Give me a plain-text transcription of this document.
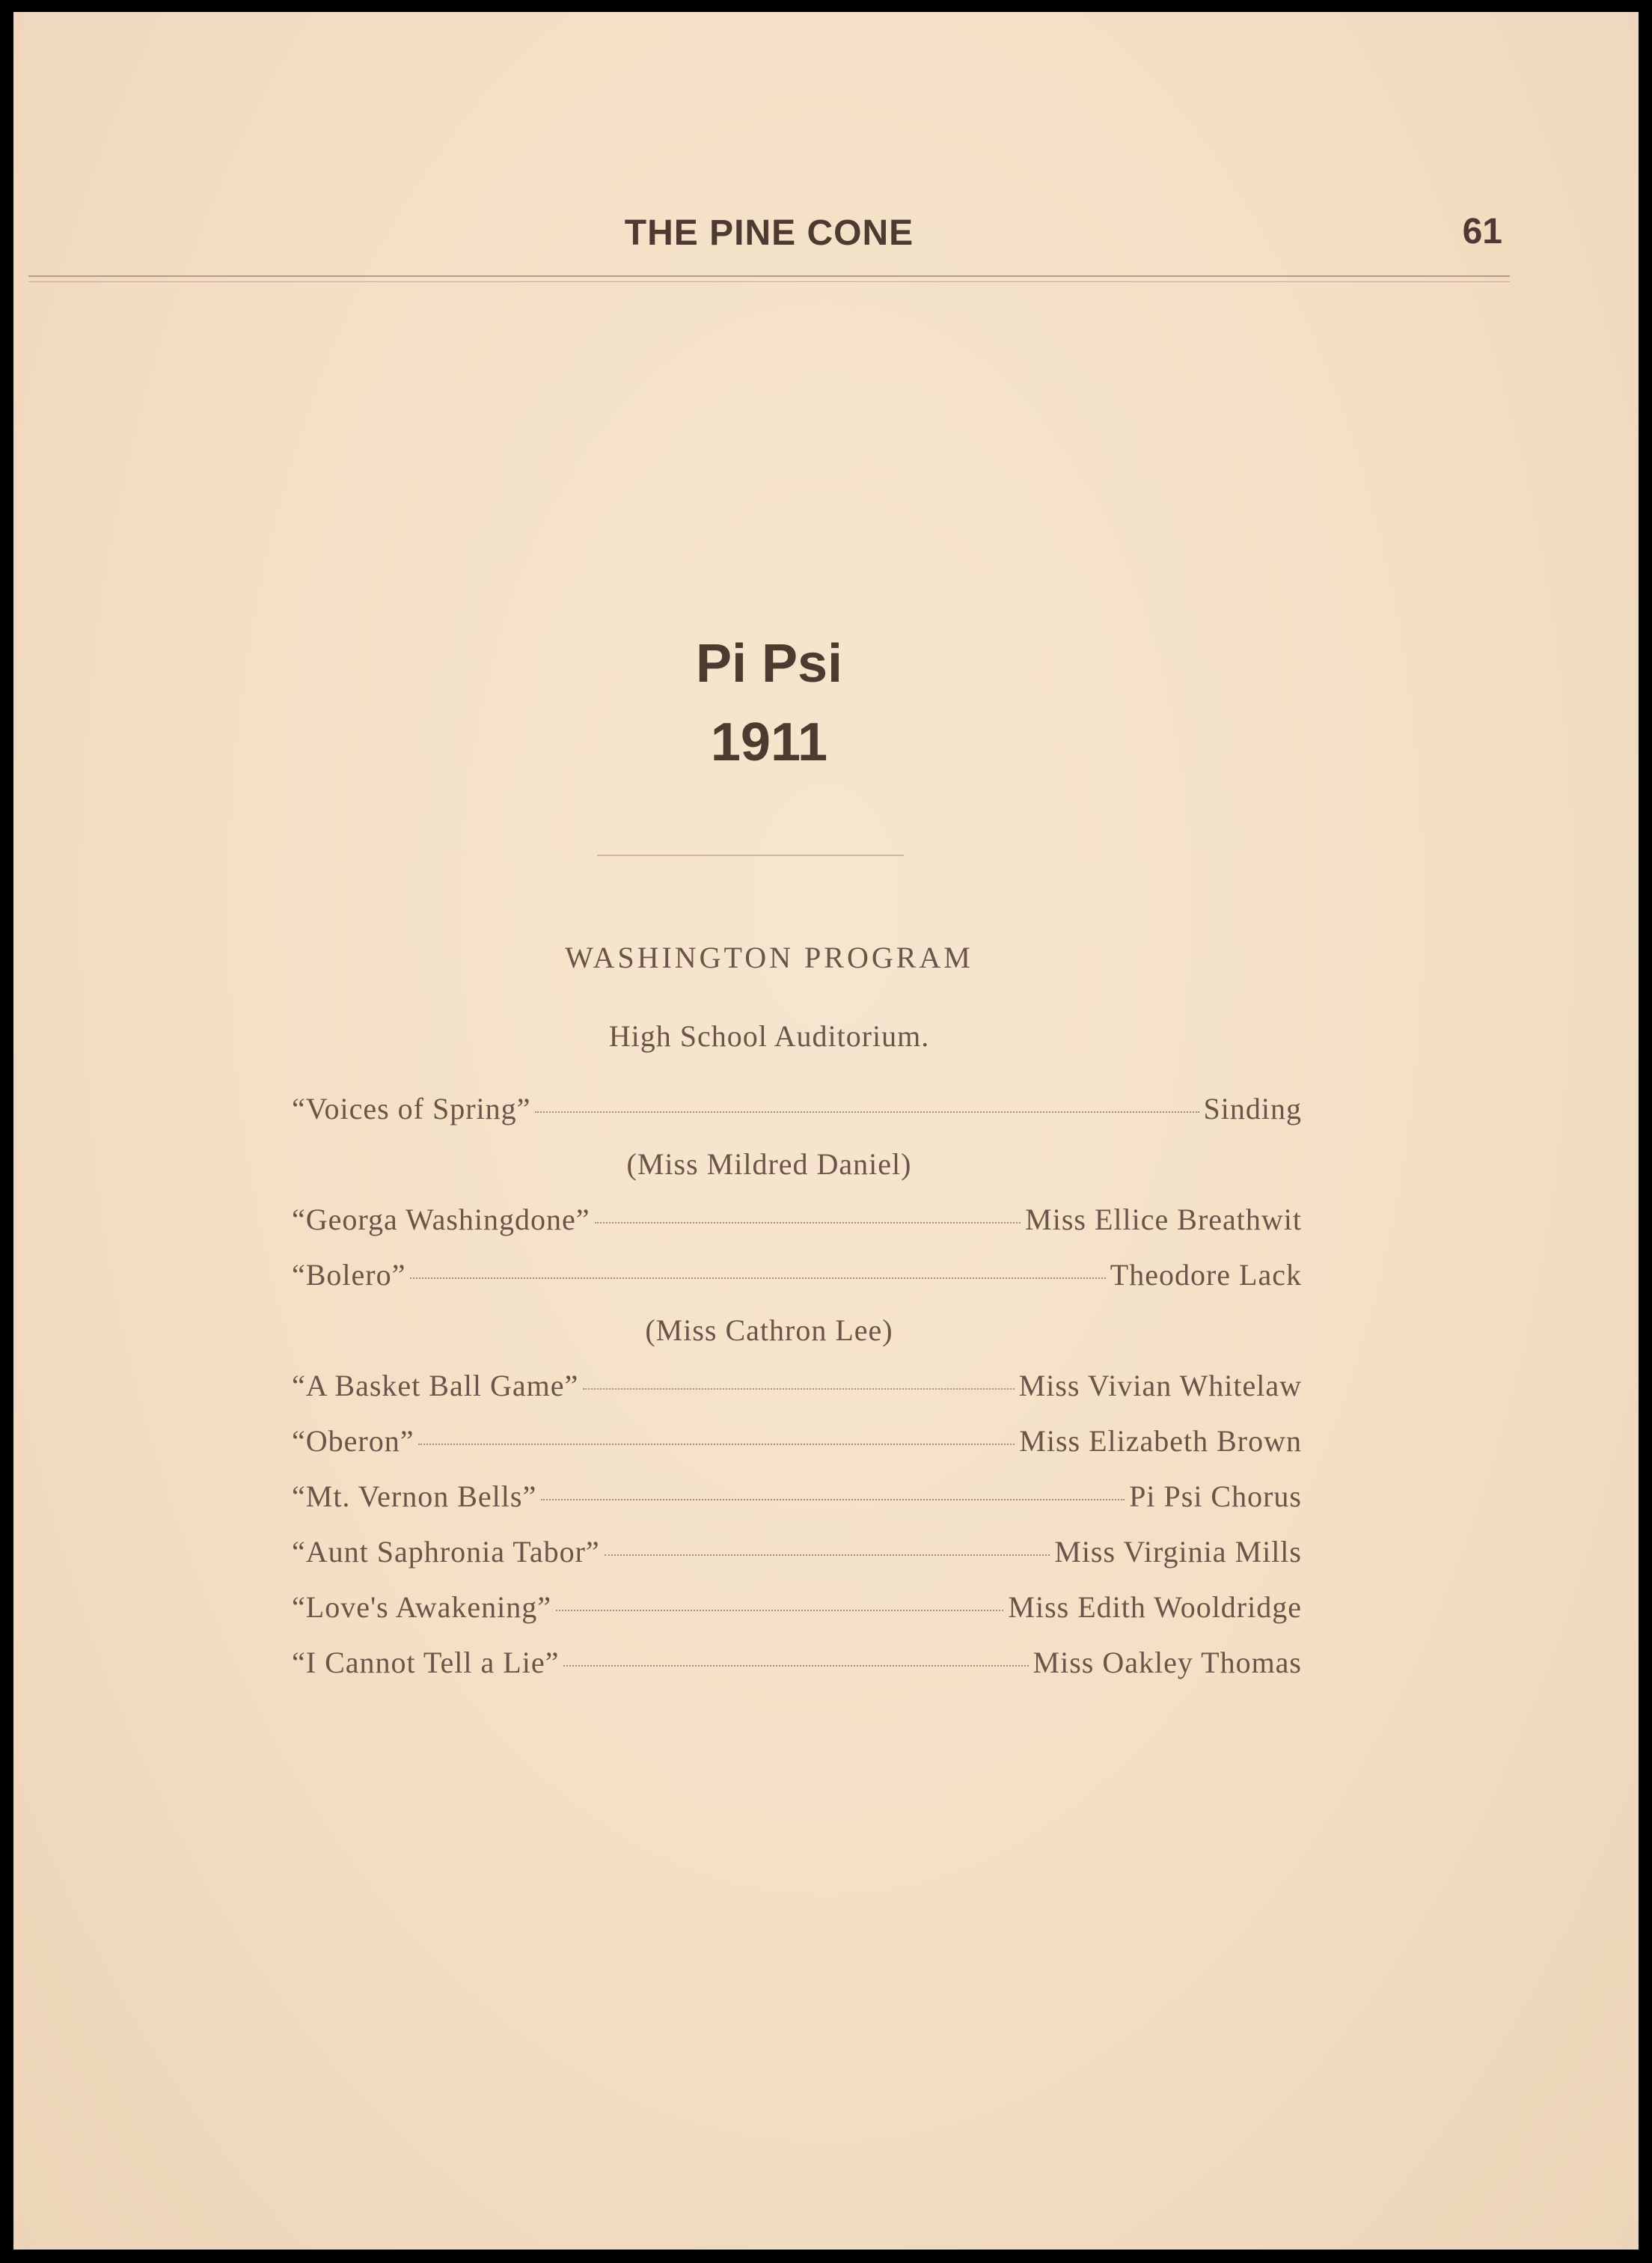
THE PINE CONE	61
Pi Psi
1911
WASHINGTON PROGRAM
High School Auditorium.
“Voices of Spring”	Sinding
(Miss Mildred Daniel)
“Georga Washingdone”	Miss Ellice Breathwit
“Bolero”	Theodore Lack
(Miss Cathron Lee)
“A Basket Ball Game”	Miss Vivian Whitelaw
“Oberon”	Miss Elizabeth Brown
“Mt. Vernon Bells”	Pi Psi Chorus
“Aunt Saphronia Tabor”	Miss Virginia Mills
“Love's Awakening”	Miss Edith Wooldridge
“I Cannot Tell a Lie”	Miss Oakley Thomas
